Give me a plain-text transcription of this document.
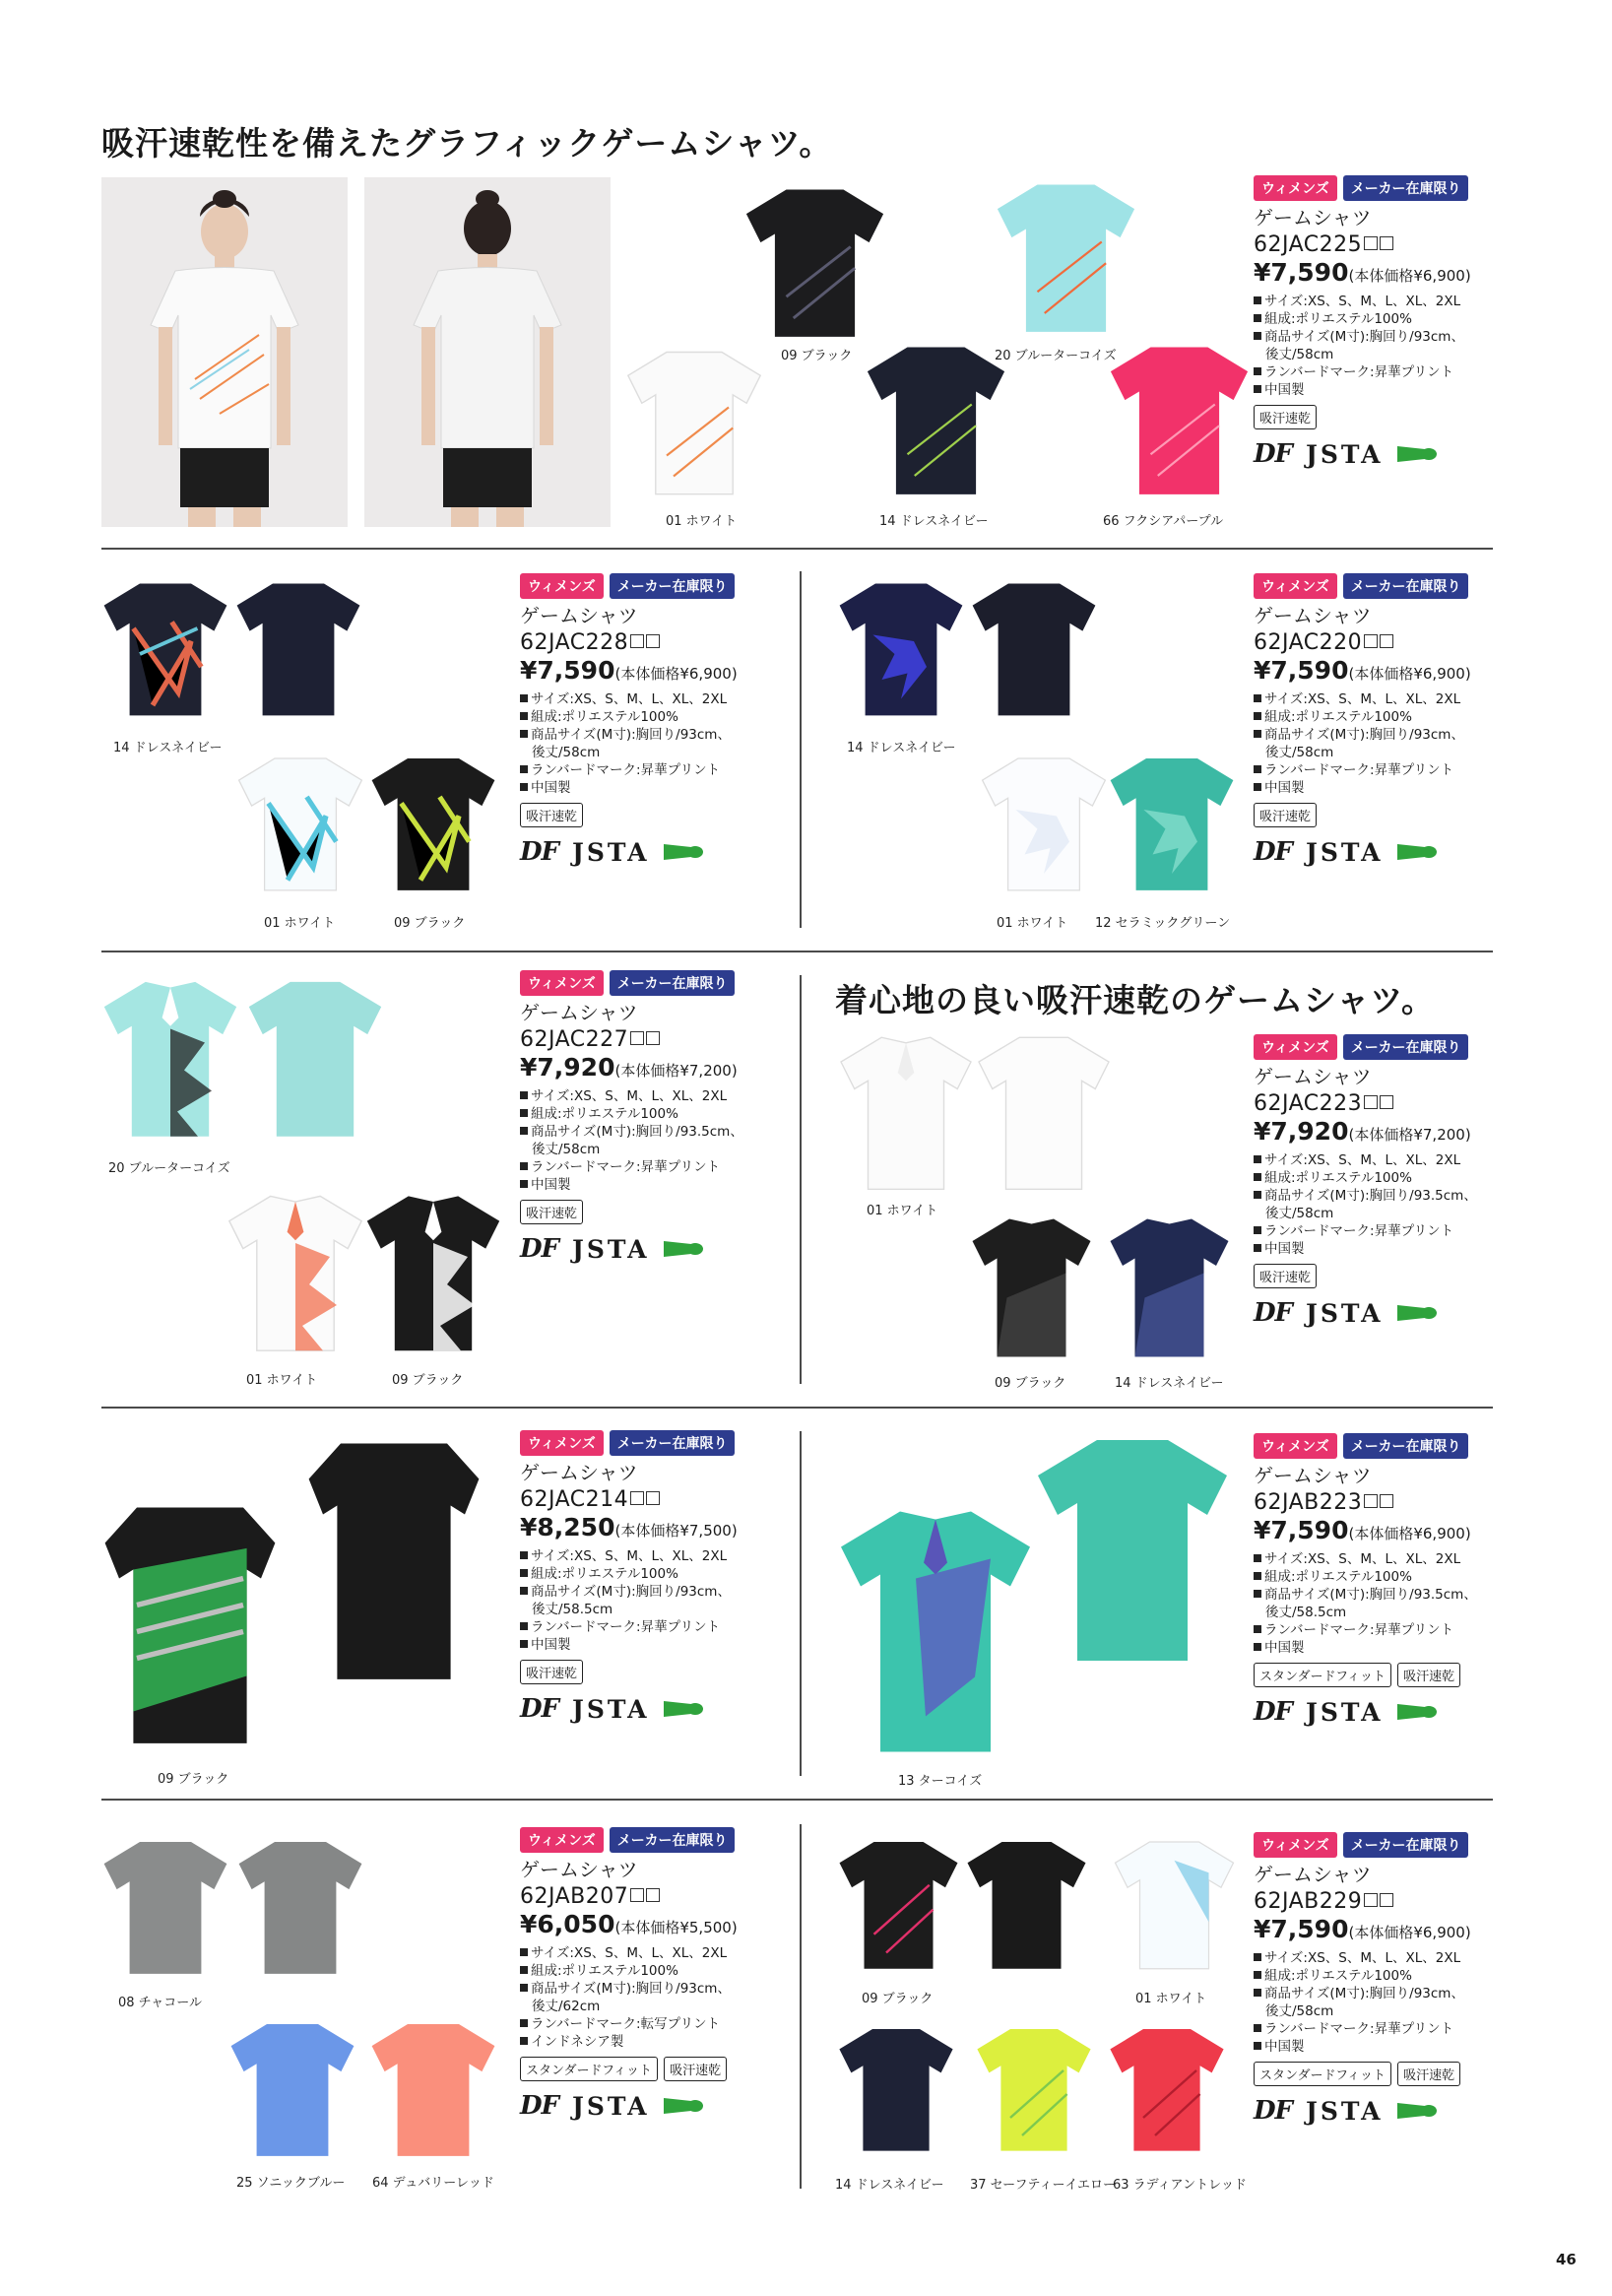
吸汗速乾性を備えたグラフィックゲームシャツ。
着心地の良い吸汗速乾のゲームシャツ。
09 ブラック	20 ブルーターコイズ
01 ホワイト	14 ドレスネイビー	66 フクシアパープル
ウィメンズ	メーカー在庫限り
ゲームシャツ
62JAC225
¥7,590(本体価格¥6,900)
サイズ:XS、S、M、L、XL、2XL
組成:ポリエステル100%
商品サイズ(M寸):胸回り/93cm、
後丈/58cm
ランバードマーク:昇華プリント
中国製
吸汗速乾
DF JSTA
14 ドレスネイビー
01 ホワイト	09 ブラック
ウィメンズ	メーカー在庫限り
ゲームシャツ
62JAC228
¥7,590(本体価格¥6,900)
サイズ:XS、S、M、L、XL、2XL
組成:ポリエステル100%
商品サイズ(M寸):胸回り/93cm、
後丈/58cm
ランバードマーク:昇華プリント
中国製
吸汗速乾
DF JSTA
14 ドレスネイビー
01 ホワイト 12 セラミックグリーン
ウィメンズ	メーカー在庫限り
ゲームシャツ
62JAC220
¥7,590(本体価格¥6,900)
サイズ:XS、S、M、L、XL、2XL
組成:ポリエステル100%
商品サイズ(M寸):胸回り/93cm、
後丈/58cm
ランバードマーク:昇華プリント
中国製
吸汗速乾
DF JSTA
20 ブルーターコイズ
01 ホワイト	09 ブラック
ウィメンズ	メーカー在庫限り
ゲームシャツ
62JAC227
¥7,920(本体価格¥7,200)
サイズ:XS、S、M、L、XL、2XL
組成:ポリエステル100%
商品サイズ(M寸):胸回り/93.5cm、
後丈/58cm
ランバードマーク:昇華プリント
中国製
吸汗速乾
DF JSTA
01 ホワイト
09 ブラック	14 ドレスネイビー
ウィメンズ	メーカー在庫限り
ゲームシャツ
62JAC223
¥7,920(本体価格¥7,200)
サイズ:XS、S、M、L、XL、2XL
組成:ポリエステル100%
商品サイズ(M寸):胸回り/93.5cm、
後丈/58cm
ランバードマーク:昇華プリント
中国製
吸汗速乾
DF JSTA
09 ブラック
ウィメンズ	メーカー在庫限り
ゲームシャツ
62JAC214
¥8,250(本体価格¥7,500)
サイズ:XS、S、M、L、XL、2XL
組成:ポリエステル100%
商品サイズ(M寸):胸回り/93cm、
後丈/58.5cm
ランバードマーク:昇華プリント
中国製
吸汗速乾
DF JSTA
13 ターコイズ
ウィメンズ	メーカー在庫限り
ゲームシャツ
62JAB223
¥7,590(本体価格¥6,900)
サイズ:XS、S、M、L、XL、2XL
組成:ポリエステル100%
商品サイズ(M寸):胸回り/93.5cm、
後丈/58.5cm
ランバードマーク:昇華プリント
中国製
スタンダードフィット	吸汗速乾
DF JSTA
08 チャコール
25 ソニックブルー 64 デュバリーレッド
ウィメンズ	メーカー在庫限り
ゲームシャツ
62JAB207
¥6,050(本体価格¥5,500)
サイズ:XS、S、M、L、XL、2XL
組成:ポリエステル100%
商品サイズ(M寸):胸回り/93cm、
後丈/62cm
ランバードマーク:転写プリント
インドネシア製
スタンダードフィット	吸汗速乾
DF JSTA
09 ブラック	01 ホワイト
14 ドレスネイビー 37 セーフティーイエロー
63 ラディアントレッド
ウィメンズ	メーカー在庫限り
ゲームシャツ
62JAB229
¥7,590(本体価格¥6,900)
サイズ:XS、S、M、L、XL、2XL
組成:ポリエステル100%
商品サイズ(M寸):胸回り/93cm、
後丈/58cm
ランバードマーク:昇華プリント
中国製
スタンダードフィット	吸汗速乾
DF JSTA
46
